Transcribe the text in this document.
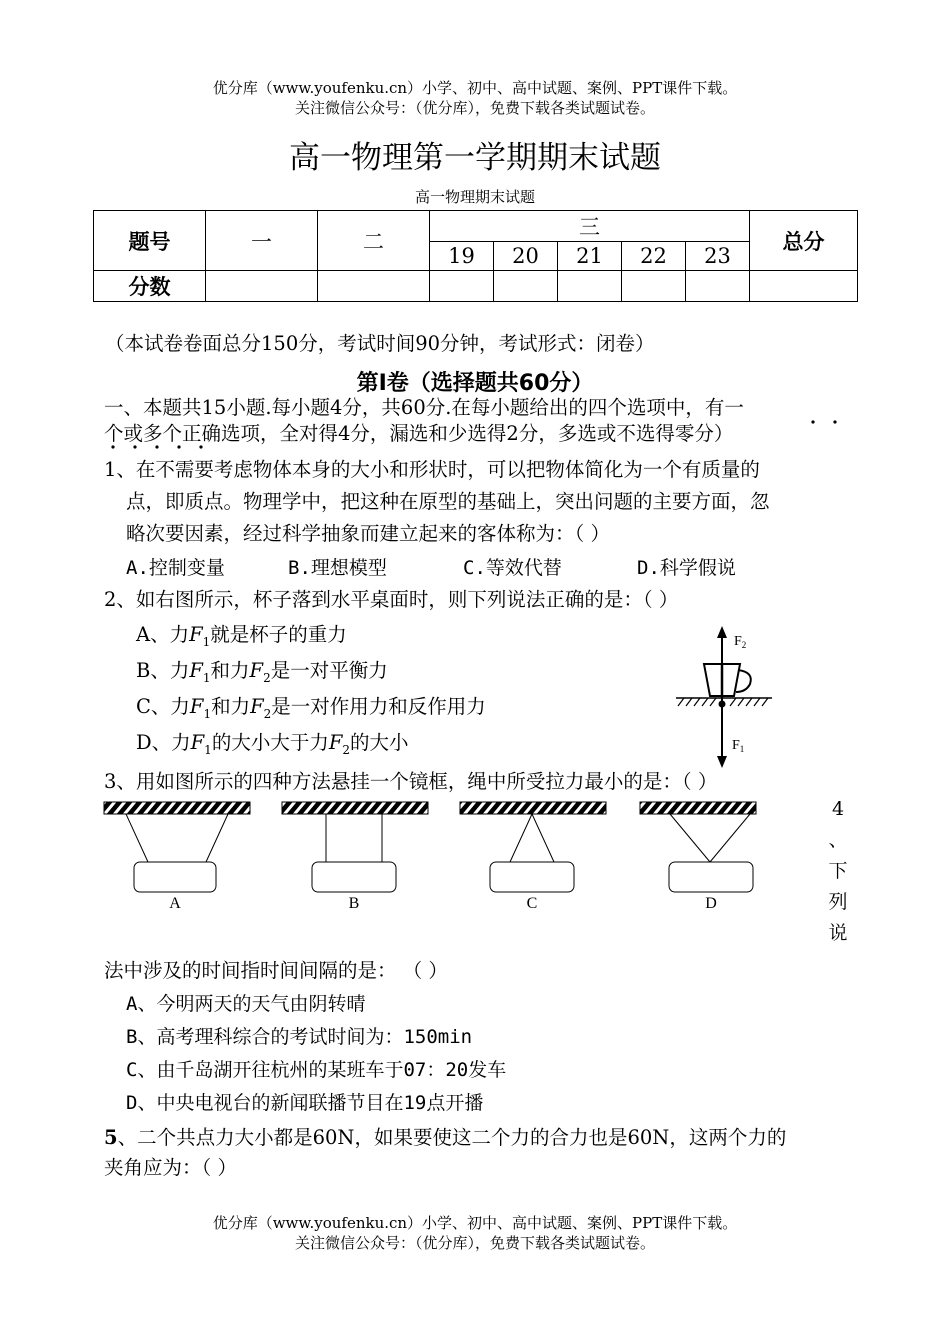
优分库（www.youfenku.cn）小学、初中、高中试题、案例、PPT课件下载。
关注微信公众号：（优分库），免费下载各类试题试卷。
高一物理第一学期期末试题
高一物理期末试题
题号	一	二	三					总分
			19	20	21	22	23	
分数								
（本试卷卷面总分150分，考试时间90分钟，考试形式：闭卷）
第Ⅰ卷（选择题共60分）
一、本题共15小题.每小题4分，共60分.在每小题给出的四个选项中，有一
个或多个正确选项，全对得4分，漏选和少选得2分，多选或不选得零分）
1、在不需要考虑物体本身的大小和形状时，可以把物体简化为一个有质量的
点，即质点。物理学中，把这种在原型的基础上，突出问题的主要方面，忽
略次要因素，经过科学抽象而建立起来的客体称为：（ ）
A.控制变量	B.理想模型	C.等效代替	D.科学假说
2、如右图所示，杯子落到水平桌面时，则下列说法正确的是：（ ）
A、力$F_1$就是杯子的重力
B、力$F_1$和力$F_2$是一对平衡力
C、力$F_1$和力$F_2$是一对作用力和反作用力
D、力$F_1$的大小大于力$F_2$的大小
$F_2$
$F_1$
3、用如图所示的四种方法悬挂一个镜框，绳中所受拉力最小的是：（ ）
A	B	C	D
4
、
下
列
说
法中涉及的时间指时间间隔的是： （ ）
A、今明两天的天气由阴转晴
B、高考理科综合的考试时间为：150min
C、由千岛湖开往杭州的某班车于07：20发车
D、中央电视台的新闻联播节目在19点开播
5、二个共点力大小都是60N，如果要使这二个力的合力也是60N，这两个力的
夹角应为：（ ）
优分库（www.youfenku.cn）小学、初中、高中试题、案例、PPT课件下载。
关注微信公众号：（优分库），免费下载各类试题试卷。
